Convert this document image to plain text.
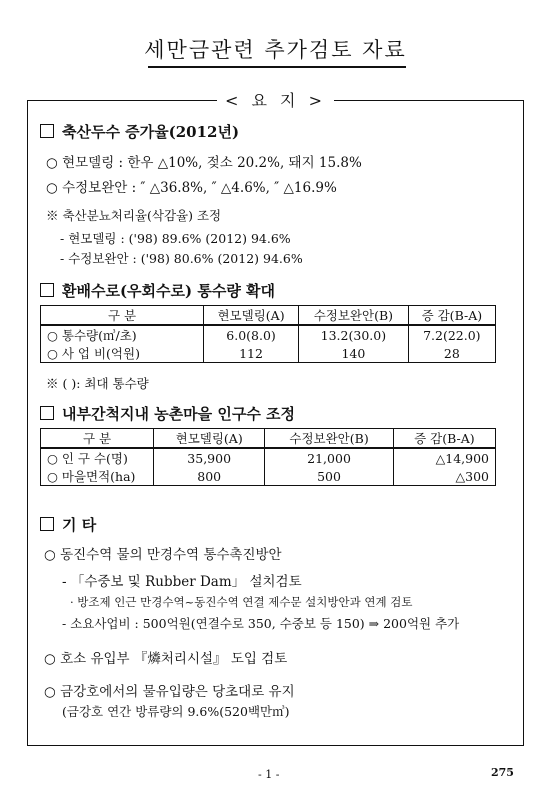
세만금관련 추가검토 자료
< 요 지 >
축산두수 증가율(2012년)
○ 현모델링 : 한우 △10%, 젖소 20.2%, 돼지 15.8%
○ 수정보완안 : ″ △36.8%, ″ △4.6%, ″ △16.9%
※ 축산분뇨처리율(삭감율) 조정
- 현모델링 : ('98) 89.6% (2012) 94.6%
- 수정보완안 : ('98) 80.6% (2012) 94.6%
환배수로(우회수로) 통수량 확대
구 분	현모델링(A)	수정보완안(B)	증 감(B-A)
○ 통수량(㎥/초)	6.0(8.0)	13.2(30.0)	7.2(22.0)
○ 사 업 비(억원)	112	140	28
※ ( ): 최대 통수량
내부간척지내 농촌마을 인구수 조정
구 분	현모델링(A)	수정보완안(B)	증 감(B-A)
○ 인 구 수(명)	35,900	21,000	△14,900
○ 마을면적(ha)	800	500	△300
기 타
○ 동진수역 물의 만경수역 통수촉진방안
- 「수중보 및 Rubber Dam」 설치검토
· 방조제 인근 만경수역~동진수역 연결 제수문 설치방안과 연계 검토
- 소요사업비 : 500억원(연결수로 350, 수중보 등 150) ⇒ 200억원 추가
○ 호소 유입부 『燐처리시설』 도입 검토
○ 금강호에서의 물유입량은 당초대로 유지
(금강호 연간 방류량의 9.6%(520백만㎥)
- 1 -	275
